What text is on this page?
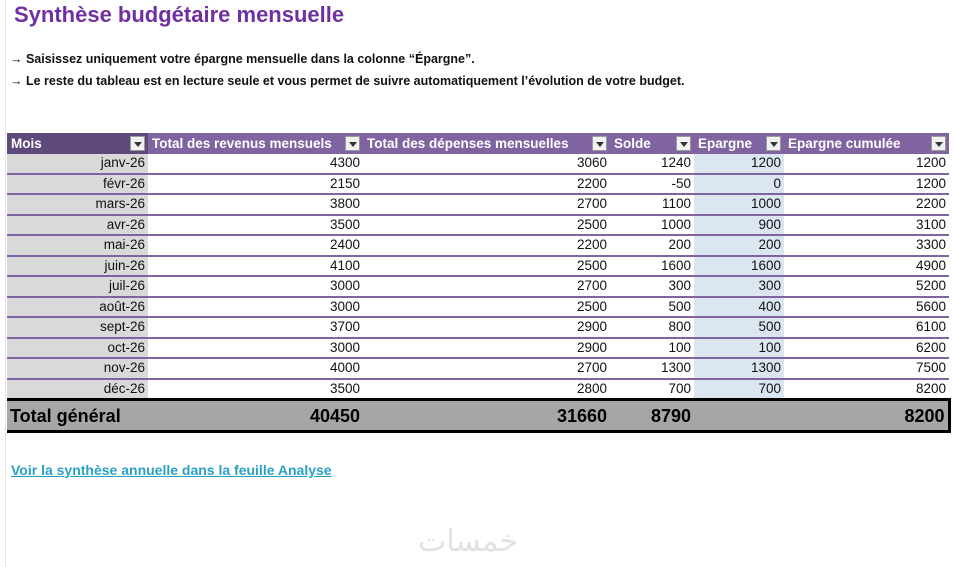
Synthèse budgétaire mensuelle
→ Saisissez uniquement votre épargne mensuelle dans la colonne “Épargne”.
→ Le reste du tableau est en lecture seule et vous permet de suivre automatiquement l’évolution de votre budget.
Mois	Total des revenus mensuels	Total des dépenses mensuelles	Solde	Epargne	Epargne cumulée

janv-26	4300	3060	1240	1200	1200
févr-26	2150	2200	-50	0	1200
mars-26	3800	2700	1100	1000	2200
avr-26	3500	2500	1000	900	3100
mai-26	2400	2200	200	200	3300
juin-26	4100	2500	1600	1600	4900
juil-26	3000	2700	300	300	5200
août-26	3000	2500	500	400	5600
sept-26	3700	2900	800	500	6100
oct-26	3000	2900	100	100	6200
nov-26	4000	2700	1300	1300	7500
déc-26	3500	2800	700	700	8200
Total général	40450	31660	8790		8200
Voir la synthèse annuelle dans la feuille Analyse
خمسات
